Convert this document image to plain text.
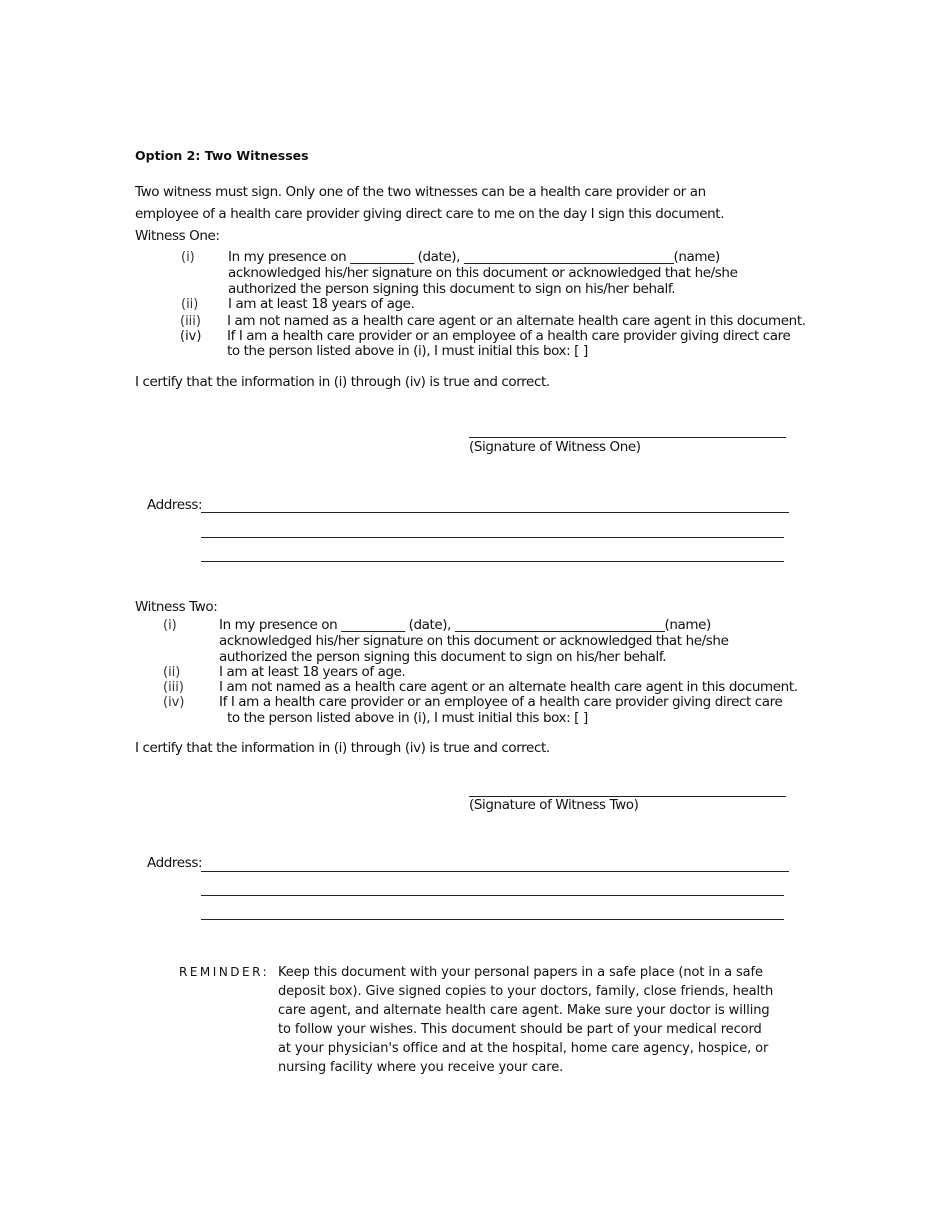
Option 2: Two Witnesses
Two witness must sign. Only one of the two witnesses can be a health care provider or an
employee of a health care provider giving direct care to me on the day I sign this document.
Witness One:
(i) In my presence on __________ (date), _________________________________(name)
acknowledged his/her signature on this document or acknowledged that he/she
authorized the person signing this document to sign on his/her behalf.
(ii) I am at least 18 years of age.
(iii) I am not named as a health care agent or an alternate health care agent in this document.
(iv) If I am a health care provider or an employee of a health care provider giving direct care
to the person listed above in (i), I must initial this box: [ ]
I certify that the information in (i) through (iv) is true and correct.
(Signature of Witness One)
Address:
Witness Two:
(i)	In my presence on __________ (date), _________________________________(name)
acknowledged his/her signature on this document or acknowledged that he/she
authorized the person signing this document to sign on his/her behalf.
(ii)	I am at least 18 years of age.
(iii)	I am not named as a health care agent or an alternate health care agent in this document.
(iv)	If I am a health care provider or an employee of a health care provider giving direct care
to the person listed above in (i), I must initial this box: [ ]
I certify that the information in (i) through (iv) is true and correct.
(Signature of Witness Two)
Address:
REMINDER: Keep this document with your personal papers in a safe place (not in a safe
deposit box). Give signed copies to your doctors, family, close friends, health
care agent, and alternate health care agent. Make sure your doctor is willing
to follow your wishes. This document should be part of your medical record
at your physician's office and at the hospital, home care agency, hospice, or
nursing facility where you receive your care.
